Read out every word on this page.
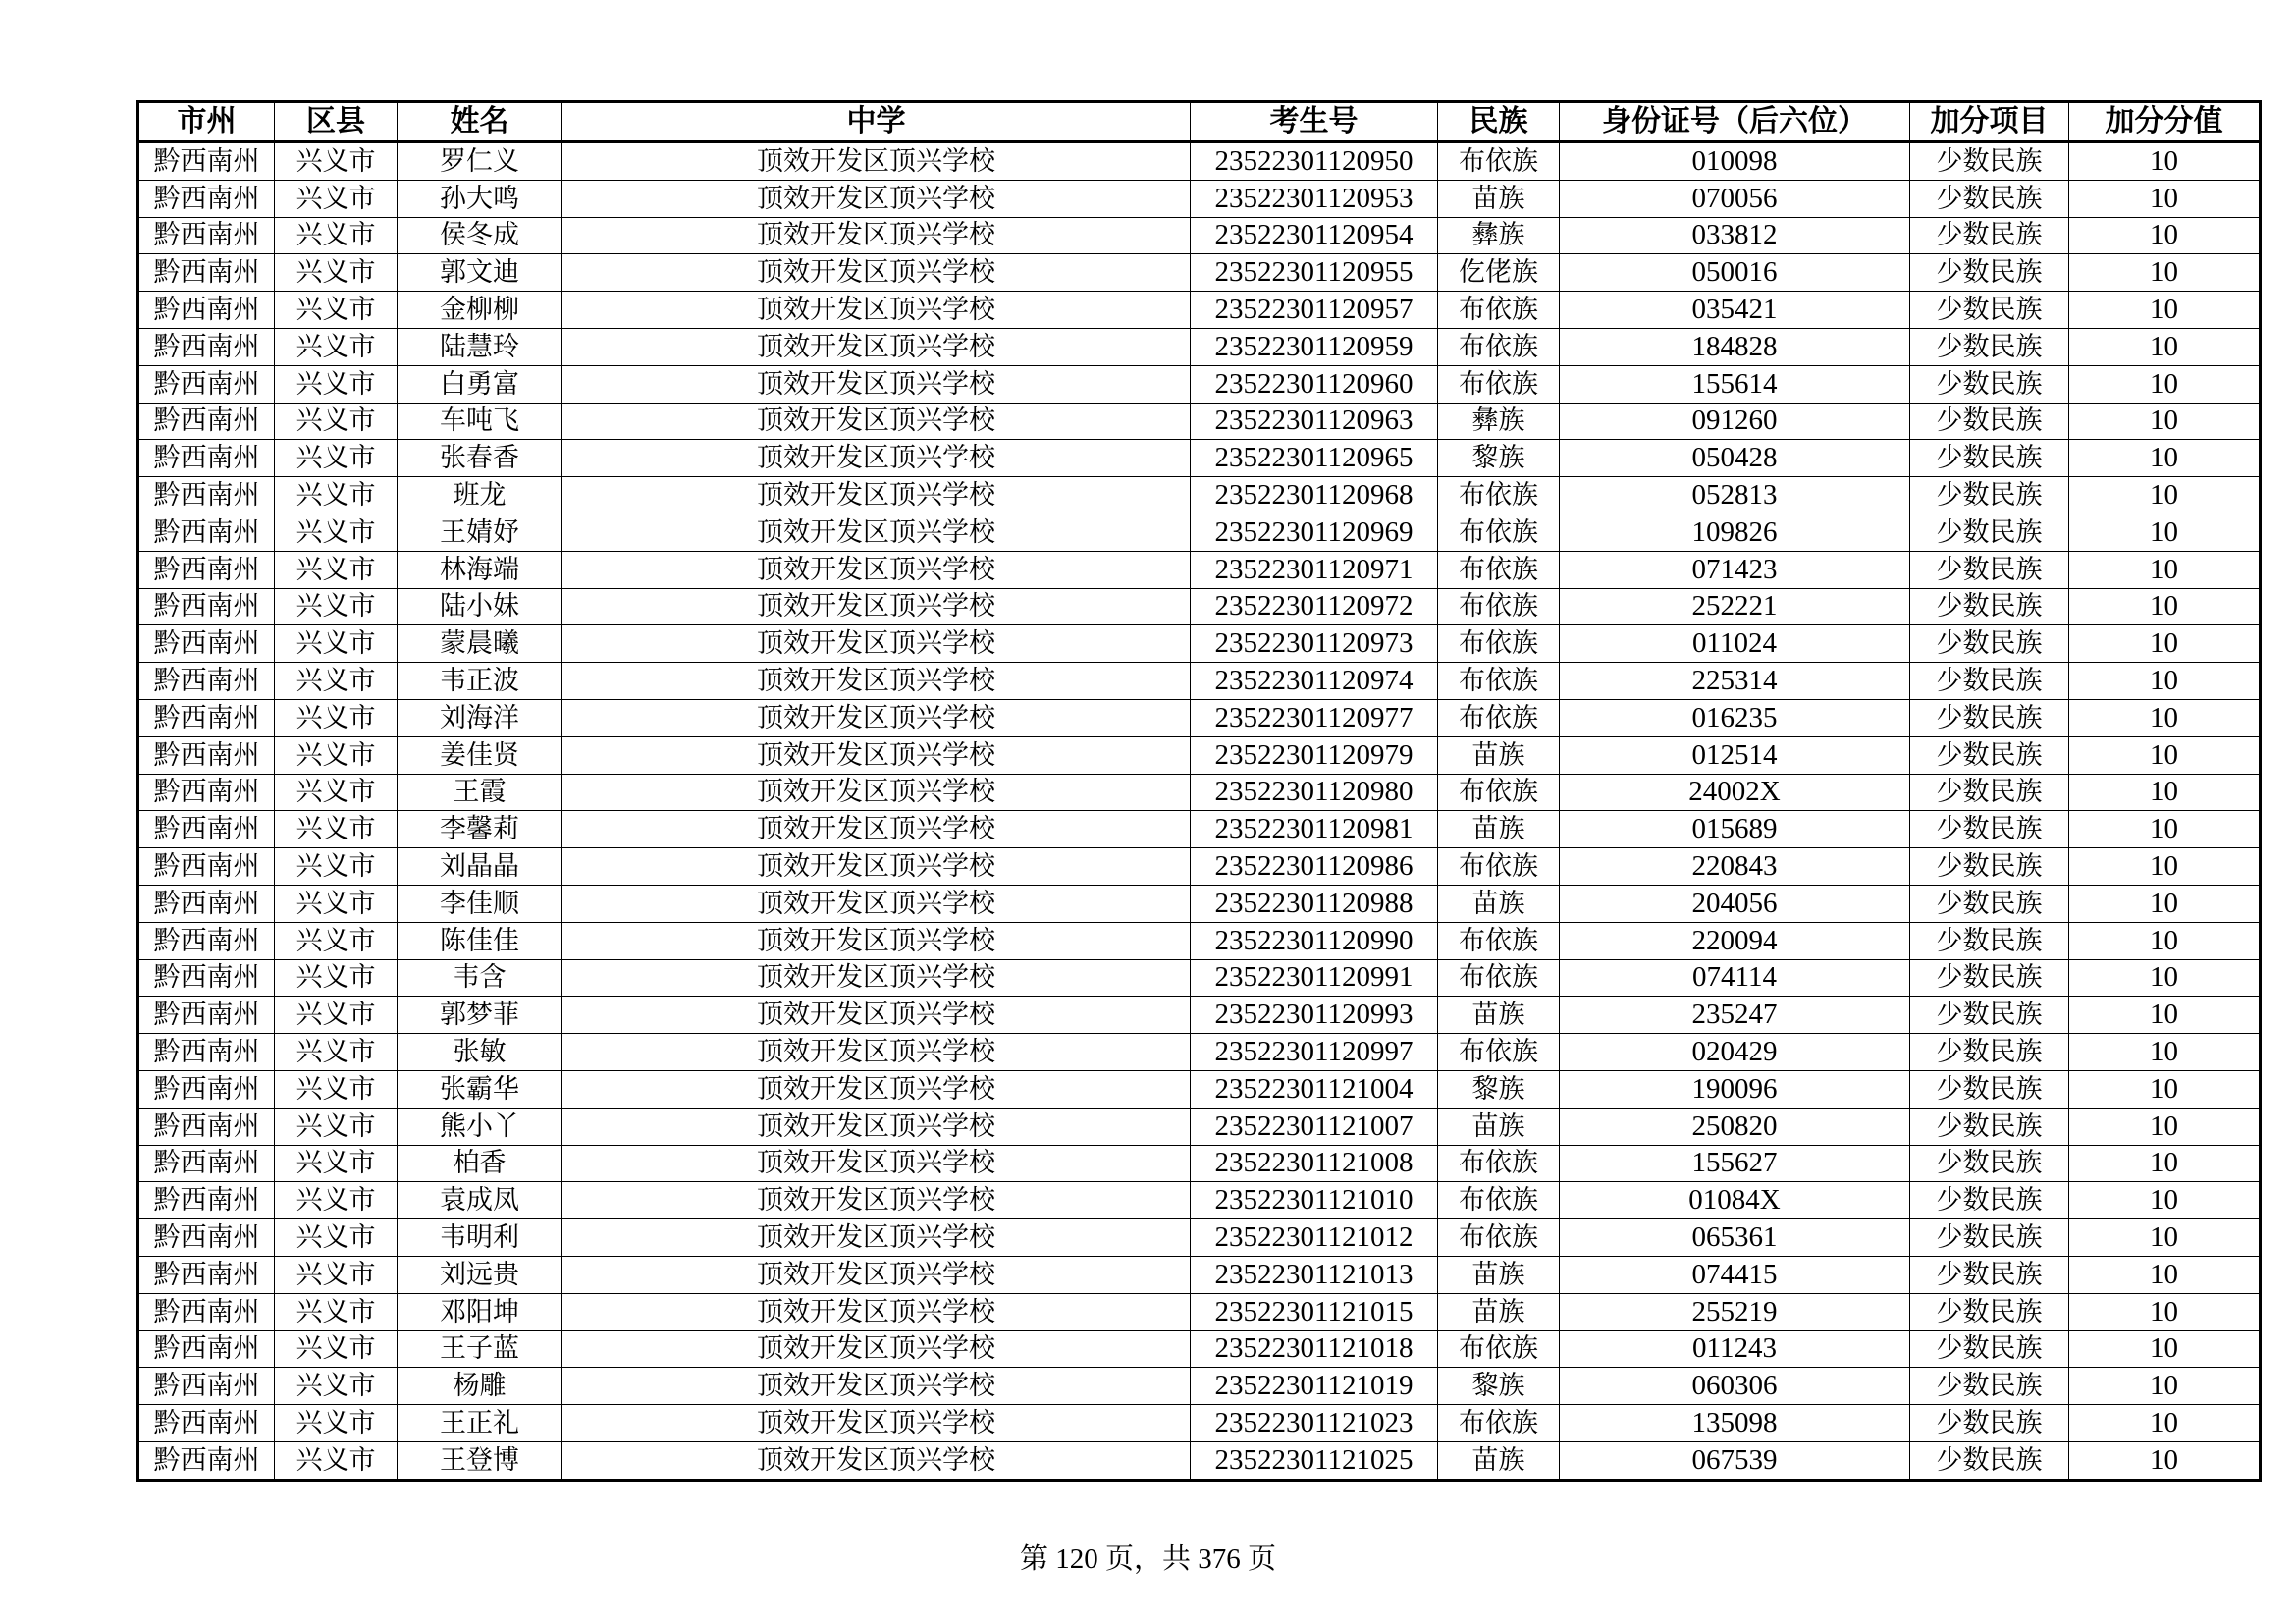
市州	区县	姓名	中学	考生号	民族	身份证号（后六位）	加分项目	加分分值
黔西南州	兴义市	罗仁义	顶效开发区顶兴学校	23522301120950	布依族	010098	少数民族	10
黔西南州	兴义市	孙大鸣	顶效开发区顶兴学校	23522301120953	苗族	070056	少数民族	10
黔西南州	兴义市	侯冬成	顶效开发区顶兴学校	23522301120954	彝族	033812	少数民族	10
黔西南州	兴义市	郭文迪	顶效开发区顶兴学校	23522301120955	仡佬族	050016	少数民族	10
黔西南州	兴义市	金柳柳	顶效开发区顶兴学校	23522301120957	布依族	035421	少数民族	10
黔西南州	兴义市	陆慧玲	顶效开发区顶兴学校	23522301120959	布依族	184828	少数民族	10
黔西南州	兴义市	白勇富	顶效开发区顶兴学校	23522301120960	布依族	155614	少数民族	10
黔西南州	兴义市	车吨飞	顶效开发区顶兴学校	23522301120963	彝族	091260	少数民族	10
黔西南州	兴义市	张春香	顶效开发区顶兴学校	23522301120965	黎族	050428	少数民族	10
黔西南州	兴义市	班龙	顶效开发区顶兴学校	23522301120968	布依族	052813	少数民族	10
黔西南州	兴义市	王婧妤	顶效开发区顶兴学校	23522301120969	布依族	109826	少数民族	10
黔西南州	兴义市	林海端	顶效开发区顶兴学校	23522301120971	布依族	071423	少数民族	10
黔西南州	兴义市	陆小妹	顶效开发区顶兴学校	23522301120972	布依族	252221	少数民族	10
黔西南州	兴义市	蒙晨曦	顶效开发区顶兴学校	23522301120973	布依族	011024	少数民族	10
黔西南州	兴义市	韦正波	顶效开发区顶兴学校	23522301120974	布依族	225314	少数民族	10
黔西南州	兴义市	刘海洋	顶效开发区顶兴学校	23522301120977	布依族	016235	少数民族	10
黔西南州	兴义市	姜佳贤	顶效开发区顶兴学校	23522301120979	苗族	012514	少数民族	10
黔西南州	兴义市	王霞	顶效开发区顶兴学校	23522301120980	布依族	24002X	少数民族	10
黔西南州	兴义市	李馨莉	顶效开发区顶兴学校	23522301120981	苗族	015689	少数民族	10
黔西南州	兴义市	刘晶晶	顶效开发区顶兴学校	23522301120986	布依族	220843	少数民族	10
黔西南州	兴义市	李佳顺	顶效开发区顶兴学校	23522301120988	苗族	204056	少数民族	10
黔西南州	兴义市	陈佳佳	顶效开发区顶兴学校	23522301120990	布依族	220094	少数民族	10
黔西南州	兴义市	韦含	顶效开发区顶兴学校	23522301120991	布依族	074114	少数民族	10
黔西南州	兴义市	郭梦菲	顶效开发区顶兴学校	23522301120993	苗族	235247	少数民族	10
黔西南州	兴义市	张敏	顶效开发区顶兴学校	23522301120997	布依族	020429	少数民族	10
黔西南州	兴义市	张霸华	顶效开发区顶兴学校	23522301121004	黎族	190096	少数民族	10
黔西南州	兴义市	熊小丫	顶效开发区顶兴学校	23522301121007	苗族	250820	少数民族	10
黔西南州	兴义市	柏香	顶效开发区顶兴学校	23522301121008	布依族	155627	少数民族	10
黔西南州	兴义市	袁成凤	顶效开发区顶兴学校	23522301121010	布依族	01084X	少数民族	10
黔西南州	兴义市	韦明利	顶效开发区顶兴学校	23522301121012	布依族	065361	少数民族	10
黔西南州	兴义市	刘远贵	顶效开发区顶兴学校	23522301121013	苗族	074415	少数民族	10
黔西南州	兴义市	邓阳坤	顶效开发区顶兴学校	23522301121015	苗族	255219	少数民族	10
黔西南州	兴义市	王子蓝	顶效开发区顶兴学校	23522301121018	布依族	011243	少数民族	10
黔西南州	兴义市	杨雕	顶效开发区顶兴学校	23522301121019	黎族	060306	少数民族	10
黔西南州	兴义市	王正礼	顶效开发区顶兴学校	23522301121023	布依族	135098	少数民族	10
黔西南州	兴义市	王登博	顶效开发区顶兴学校	23522301121025	苗族	067539	少数民族	10
第 120 页，共 376 页
